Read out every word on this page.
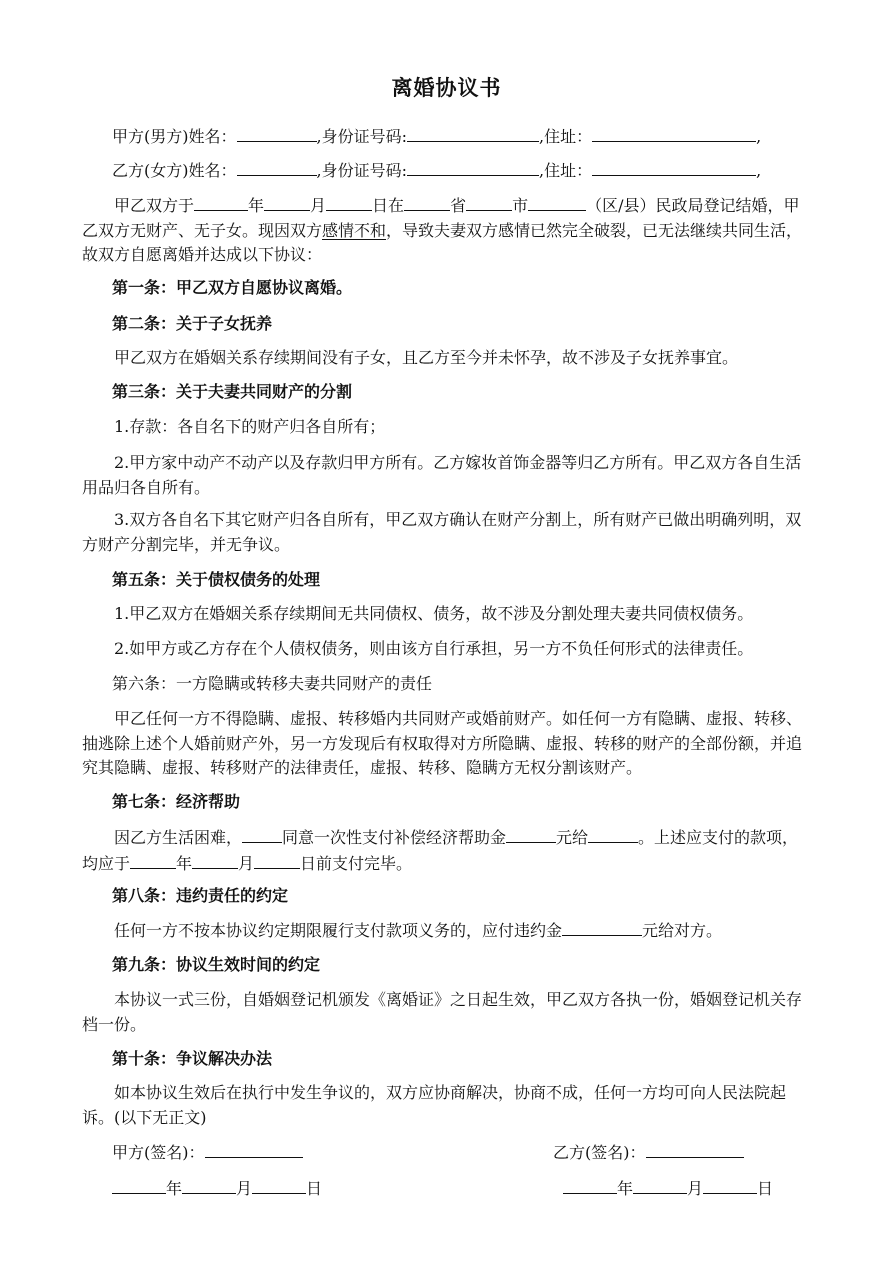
离婚协议书
甲方(男方)姓名：	,身份证号码:	,住址：	,
乙方(女方)姓名：	,身份证号码:	,住址：	,
甲乙双方于	年	月	日在	省	市	（区/县）民政局登记结婚，甲乙双方无财产、无子女。现因双方感情不和，导致夫妻双方感情已然完全破裂，已无法继续共同生活，故双方自愿离婚并达成以下协议：
第一条：甲乙双方自愿协议离婚。
第二条：关于子女抚养
甲乙双方在婚姻关系存续期间没有子女，且乙方至今并未怀孕，故不涉及子女抚养事宜。
第三条：关于夫妻共同财产的分割
1.存款：各自名下的财产归各自所有；
2.甲方家中动产不动产以及存款归甲方所有。乙方嫁妆首饰金器等归乙方所有。甲乙双方各自生活用品归各自所有。
3.双方各自名下其它财产归各自所有，甲乙双方确认在财产分割上，所有财产已做出明确列明，双方财产分割完毕，并无争议。
第五条：关于债权债务的处理
1.甲乙双方在婚姻关系存续期间无共同债权、债务，故不涉及分割处理夫妻共同债权债务。
2.如甲方或乙方存在个人债权债务，则由该方自行承担，另一方不负任何形式的法律责任。
第六条：一方隐瞒或转移夫妻共同财产的责任
甲乙任何一方不得隐瞒、虚报、转移婚内共同财产或婚前财产。如任何一方有隐瞒、虚报、转移、抽逃除上述个人婚前财产外，另一方发现后有权取得对方所隐瞒、虚报、转移的财产的全部份额，并追究其隐瞒、虚报、转移财产的法律责任，虚报、转移、隐瞒方无权分割该财产。
第七条：经济帮助
因乙方生活困难，	同意一次性支付补偿经济帮助金	元给	。上述应支付的款项，均应于	年	月	日前支付完毕。
第八条：违约责任的约定
任何一方不按本协议约定期限履行支付款项义务的，应付违约金	元给对方。
第九条：协议生效时间的约定
本协议一式三份，自婚姻登记机颁发《离婚证》之日起生效，甲乙双方各执一份，婚姻登记机关存档一份。
第十条：争议解决办法
如本协议生效后在执行中发生争议的，双方应协商解决，协商不成，任何一方均可向人民法院起诉。(以下无正文)
甲方(签名)：	乙方(签名)：
年	月	日	年	月	日
